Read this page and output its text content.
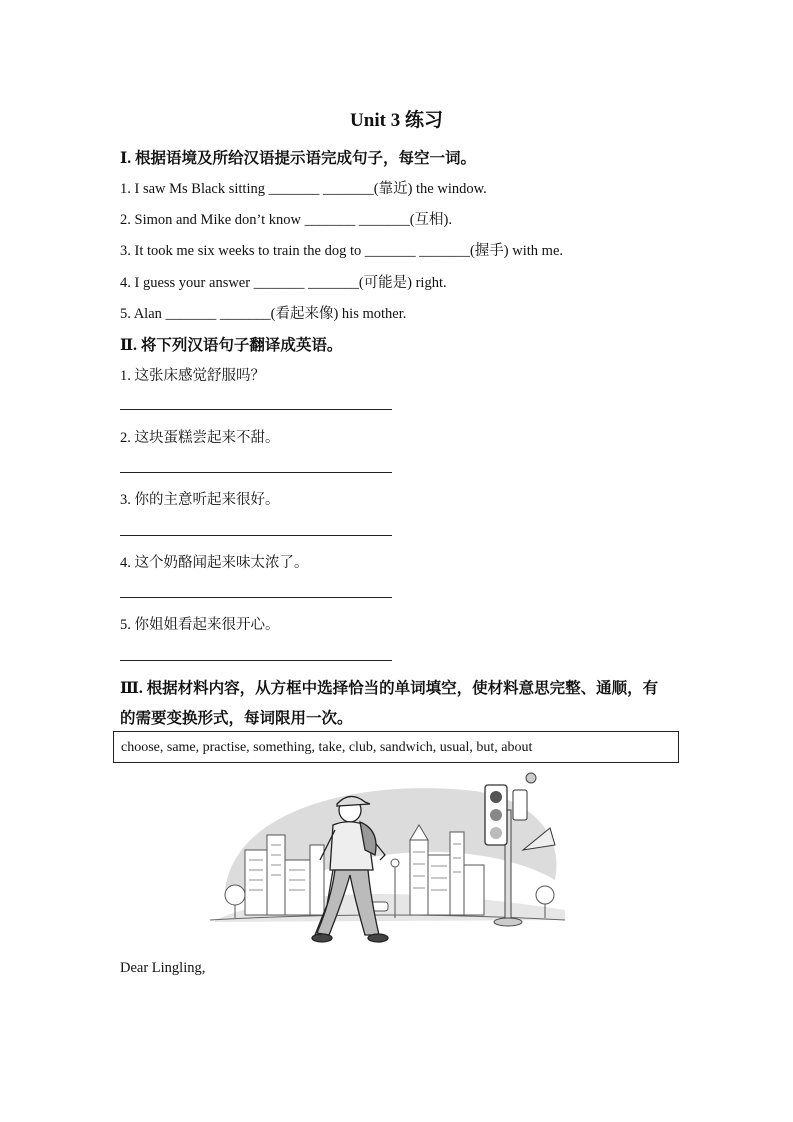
Unit 3 练习
Ⅰ. 根据语境及所给汉语提示语完成句子，每空一词。
1. I saw Ms Black sitting _______ _______(靠近) the window.
2. Simon and Mike don’t know _______ _______(互相).
3. It took me six weeks to train the dog to _______ _______(握手) with me.
4. I guess your answer _______ _______(可能是) right.
5. Alan _______ _______(看起来像) his mother.
Ⅱ. 将下列汉语句子翻译成英语。
1. 这张床感觉舒服吗？
2. 这块蛋糕尝起来不甜。
3. 你的主意听起来很好。
4. 这个奶酪闻起来味太浓了。
5. 你姐姐看起来很开心。
Ⅲ. 根据材料内容，从方框中选择恰当的单词填空，使材料意思完整、通顺，有
的需要变换形式，每词限用一次。
choose, same, practise, something, take, club, sandwich, usual, but, about
Dear Lingling,
